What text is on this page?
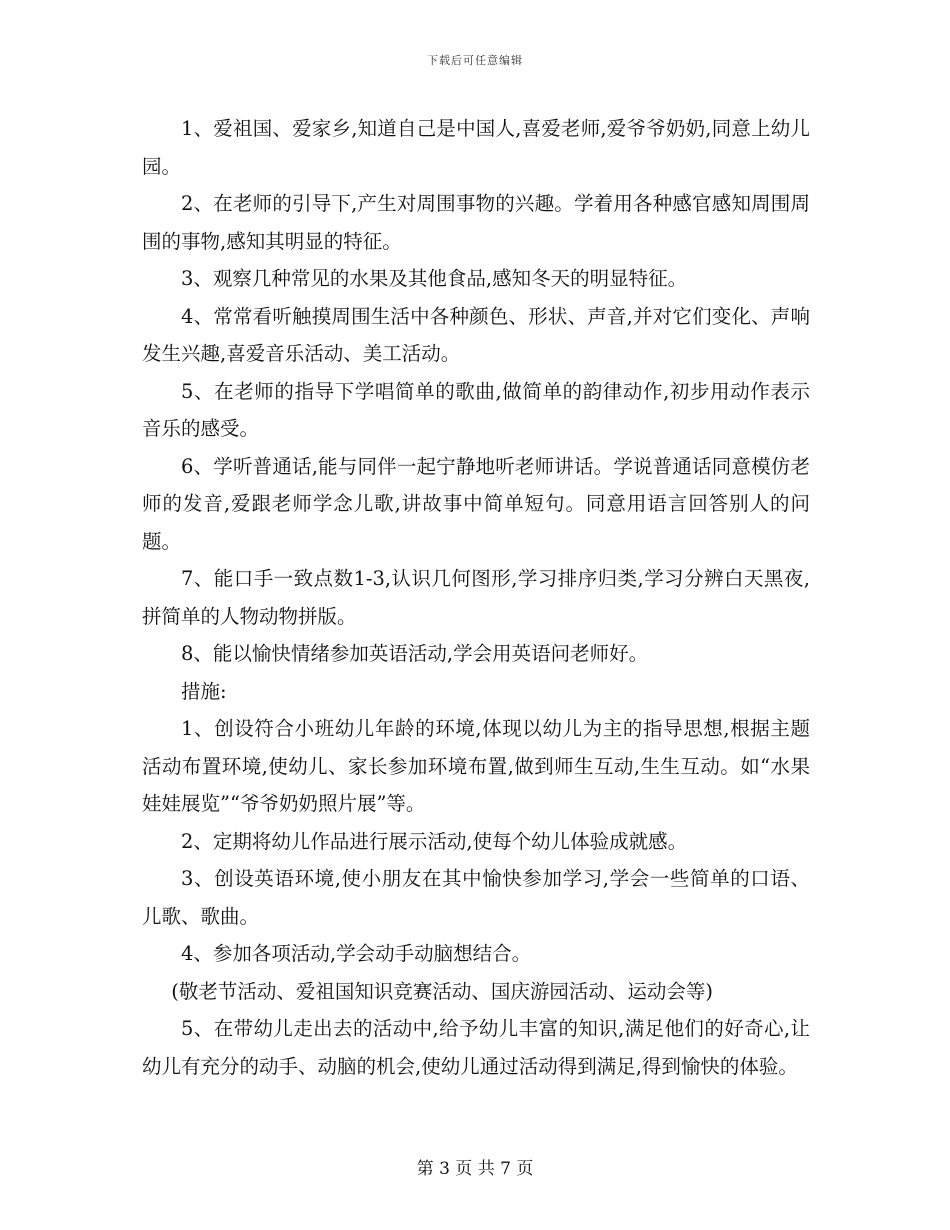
下载后可任意编辑

1、爱祖国、爱家乡,知道自己是中国人,喜爱老师,爱爷爷奶奶,同意上幼儿园。

2、在老师的引导下,产生对周围事物的兴趣。学着用各种感官感知周围周围的事物,感知其明显的特征。

3、观察几种常见的水果及其他食品,感知冬天的明显特征。

4、常常看听触摸周围生活中各种颜色、形状、声音,并对它们变化、声响发生兴趣,喜爱音乐活动、美工活动。

5、在老师的指导下学唱简单的歌曲,做简单的韵律动作,初步用动作表示音乐的感受。

6、学听普通话,能与同伴一起宁静地听老师讲话。学说普通话同意模仿老师的发音,爱跟老师学念儿歌,讲故事中简单短句。同意用语言回答别人的问题。

7、能口手一致点数1-3,认识几何图形,学习排序归类,学习分辨白天黑夜,拼简单的人物动物拼版。

8、能以愉快情绪参加英语活动,学会用英语问老师好。

措施:

1、创设符合小班幼儿年龄的环境,体现以幼儿为主的指导思想,根据主题活动布置环境,使幼儿、家长参加环境布置,做到师生互动,生生互动。如“水果娃娃展览”“爷爷奶奶照片展”等。

2、定期将幼儿作品进行展示活动,使每个幼儿体验成就感。

3、创设英语环境,使小朋友在其中愉快参加学习,学会一些简单的口语、儿歌、歌曲。

4、参加各项活动,学会动手动脑想结合。

(敬老节活动、爱祖国知识竞赛活动、国庆游园活动、运动会等)

5、在带幼儿走出去的活动中,给予幼儿丰富的知识,满足他们的好奇心,让幼儿有充分的动手、动脑的机会,使幼儿通过活动得到满足,得到愉快的体验。

第 3 页 共 7 页
